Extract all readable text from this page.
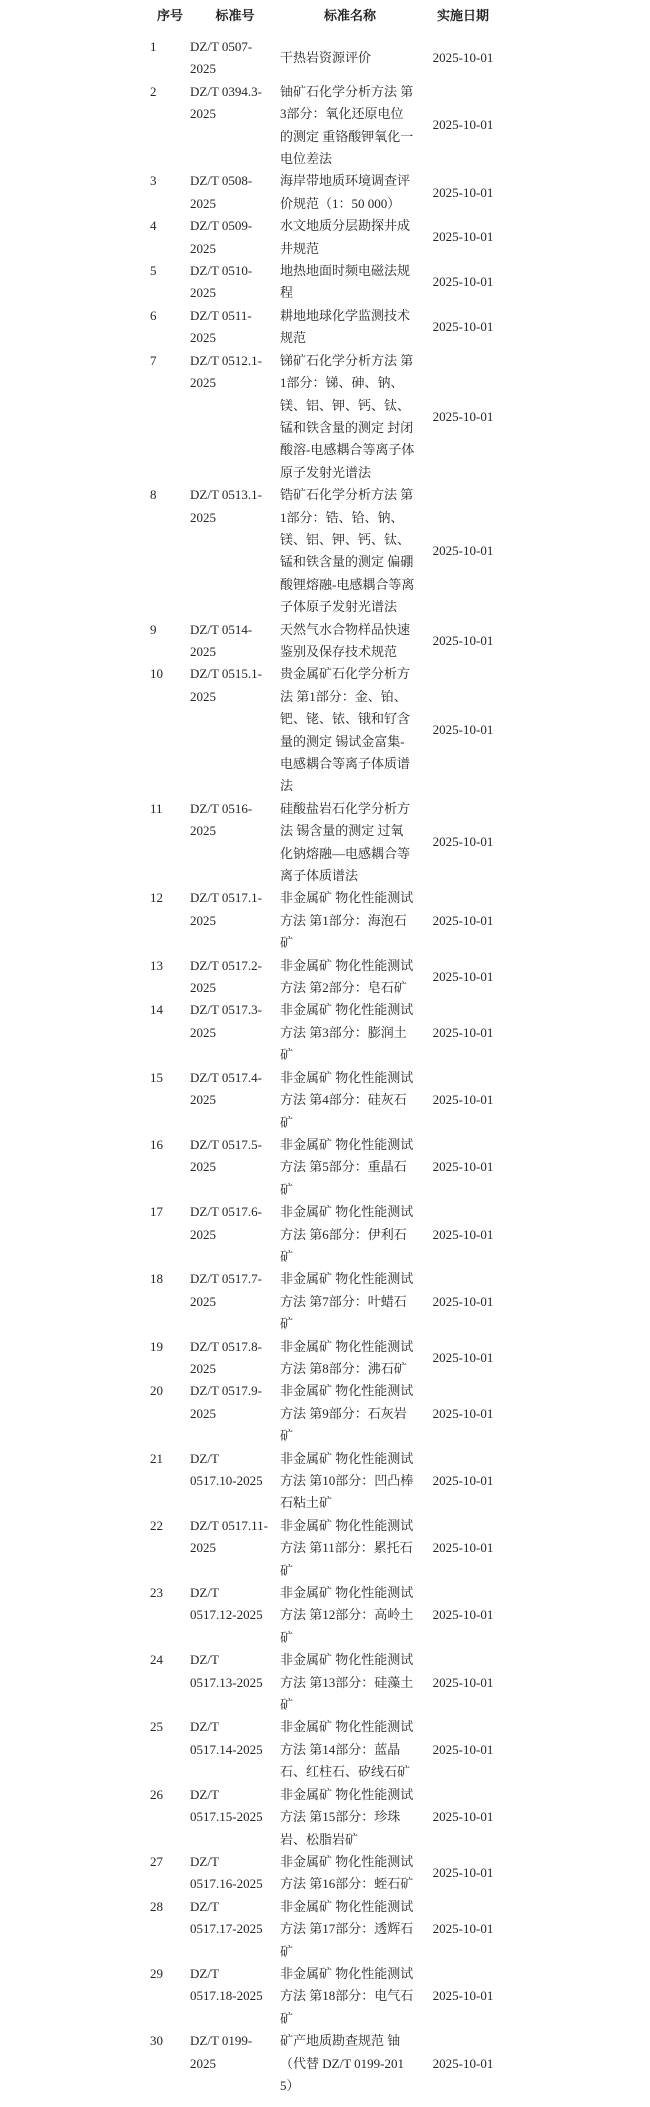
序号	标准号	标准名称	实施日期
1	DZ/T 0507-2025	干热岩资源评价	2025-10-01
2	DZ/T 0394.3-2025	铀矿石化学分析方法 第3部分：氧化还原电位的测定 重铬酸钾氧化一电位差法	2025-10-01
3	DZ/T 0508-2025	海岸带地质环境调查评价规范（1：50 000）	2025-10-01
4	DZ/T 0509-2025	水文地质分层勘探井成井规范	2025-10-01
5	DZ/T 0510-2025	地热地面时频电磁法规程	2025-10-01
6	DZ/T 0511-2025	耕地地球化学监测技术规范	2025-10-01
7	DZ/T 0512.1-2025	锑矿石化学分析方法 第1部分：锑、砷、钠、镁、铝、钾、钙、钛、锰和铁含量的测定 封闭酸溶-电感耦合等离子体原子发射光谱法	2025-10-01
8	DZ/T 0513.1-2025	锆矿石化学分析方法 第1部分：锆、铪、钠、镁、铝、钾、钙、钛、锰和铁含量的测定 偏硼酸锂熔融-电感耦合等离子体原子发射光谱法	2025-10-01
9	DZ/T 0514-2025	天然气水合物样品快速鉴别及保存技术规范	2025-10-01
10	DZ/T 0515.1-2025	贵金属矿石化学分析方法 第1部分：金、铂、钯、铑、铱、锇和钌含量的测定 锡试金富集-电感耦合等离子体质谱法	2025-10-01
11	DZ/T 0516-2025	硅酸盐岩石化学分析方法 锡含量的测定 过氧化钠熔融—电感耦合等离子体质谱法	2025-10-01
12	DZ/T 0517.1-2025	非金属矿 物化性能测试方法 第1部分：海泡石矿	2025-10-01
13	DZ/T 0517.2-2025	非金属矿 物化性能测试方法 第2部分：皂石矿	2025-10-01
14	DZ/T 0517.3-2025	非金属矿 物化性能测试方法 第3部分：膨润土矿	2025-10-01
15	DZ/T 0517.4-2025	非金属矿 物化性能测试方法 第4部分：硅灰石矿	2025-10-01
16	DZ/T 0517.5-2025	非金属矿 物化性能测试方法 第5部分：重晶石矿	2025-10-01
17	DZ/T 0517.6-2025	非金属矿 物化性能测试方法 第6部分：伊利石矿	2025-10-01
18	DZ/T 0517.7-2025	非金属矿 物化性能测试方法 第7部分：叶蜡石矿	2025-10-01
19	DZ/T 0517.8-2025	非金属矿 物化性能测试方法 第8部分：沸石矿	2025-10-01
20	DZ/T 0517.9-2025	非金属矿 物化性能测试方法 第9部分：石灰岩矿	2025-10-01
21	DZ/T 0517.10-2025	非金属矿 物化性能测试方法 第10部分：凹凸棒石粘土矿	2025-10-01
22	DZ/T 0517.11-2025	非金属矿 物化性能测试方法 第11部分：累托石矿	2025-10-01
23	DZ/T 0517.12-2025	非金属矿 物化性能测试方法 第12部分：高岭土矿	2025-10-01
24	DZ/T 0517.13-2025	非金属矿 物化性能测试方法 第13部分：硅藻土矿	2025-10-01
25	DZ/T 0517.14-2025	非金属矿 物化性能测试方法 第14部分：蓝晶石、红柱石、矽线石矿	2025-10-01
26	DZ/T 0517.15-2025	非金属矿 物化性能测试方法 第15部分：珍珠岩、松脂岩矿	2025-10-01
27	DZ/T 0517.16-2025	非金属矿 物化性能测试方法 第16部分：蛭石矿	2025-10-01
28	DZ/T 0517.17-2025	非金属矿 物化性能测试方法 第17部分：透辉石矿	2025-10-01
29	DZ/T 0517.18-2025	非金属矿 物化性能测试方法 第18部分：电气石矿	2025-10-01
30	DZ/T 0199-2025	矿产地质勘查规范 铀（代替 DZ/T 0199-2015）	2025-10-01
